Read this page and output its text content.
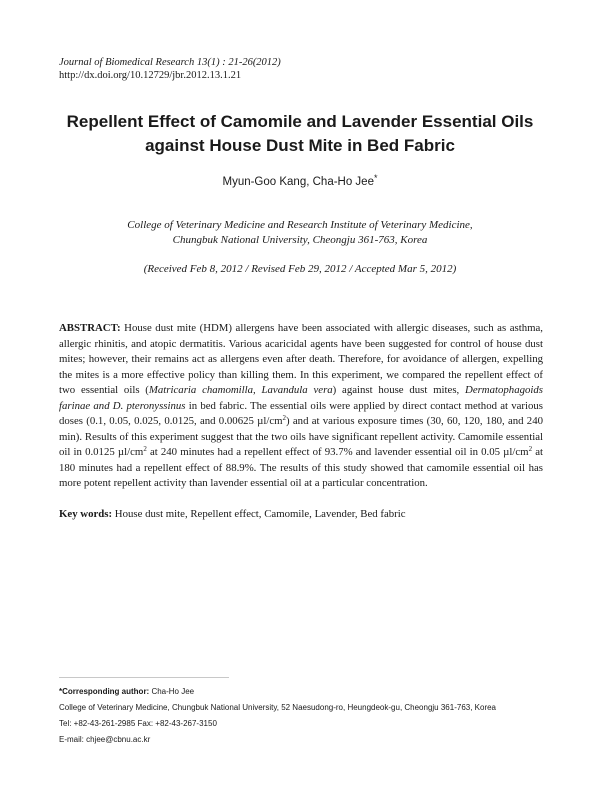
Journal of Biomedical Research 13(1) : 21-26(2012)
http://dx.doi.org/10.12729/jbr.2012.13.1.21
Repellent Effect of Camomile and Lavender Essential Oils
against House Dust Mite in Bed Fabric
Myun-Goo Kang, Cha-Ho Jee*
College of Veterinary Medicine and Research Institute of Veterinary Medicine,
Chungbuk National University, Cheongju 361-763, Korea
(Received Feb 8, 2012 / Revised Feb 29, 2012 / Accepted Mar 5, 2012)
ABSTRACT: House dust mite (HDM) allergens have been associated with allergic diseases, such as asthma, allergic rhinitis, and atopic dermatitis. Various acaricidal agents have been suggested for control of house dust mites; however, their remains act as allergens even after death. Therefore, for avoidance of allergen, expelling the mites is a more effective policy than killing them. In this experiment, we compared the repellent effect of two essential oils (Matricaria chamomilla, Lavandula vera) against house dust mites, Dermatophagoids farinae and D. pteronyssinus in bed fabric. The essential oils were applied by direct contact method at various doses (0.1, 0.05, 0.025, 0.0125, and 0.00625 $\mu l/cm^2$) and at various exposure times (30, 60, 120, 180, and 240 min). Results of this experiment suggest that the two oils have significant repellent activity. Camomile essential oil in 0.0125 $\mu l/cm^2$ at 240 minutes had a repellent effect of 93.7% and lavender essential oil in 0.05 $\mu l/cm^2$ at 180 minutes had a repellent effect of 88.9%. The results of this study showed that camomile essential oil has more potent repellent activity than lavender essential oil at a particular concentration.
Key words: House dust mite, Repellent effect, Camomile, Lavender, Bed fabric
*Corresponding author: Cha-Ho Jee
College of Veterinary Medicine, Chungbuk National University, 52 Naesudong-ro, Heungdeok-gu, Cheongju 361-763, Korea
Tel: +82-43-261-2985 Fax: +82-43-267-3150
E-mail: chjee@cbnu.ac.kr
